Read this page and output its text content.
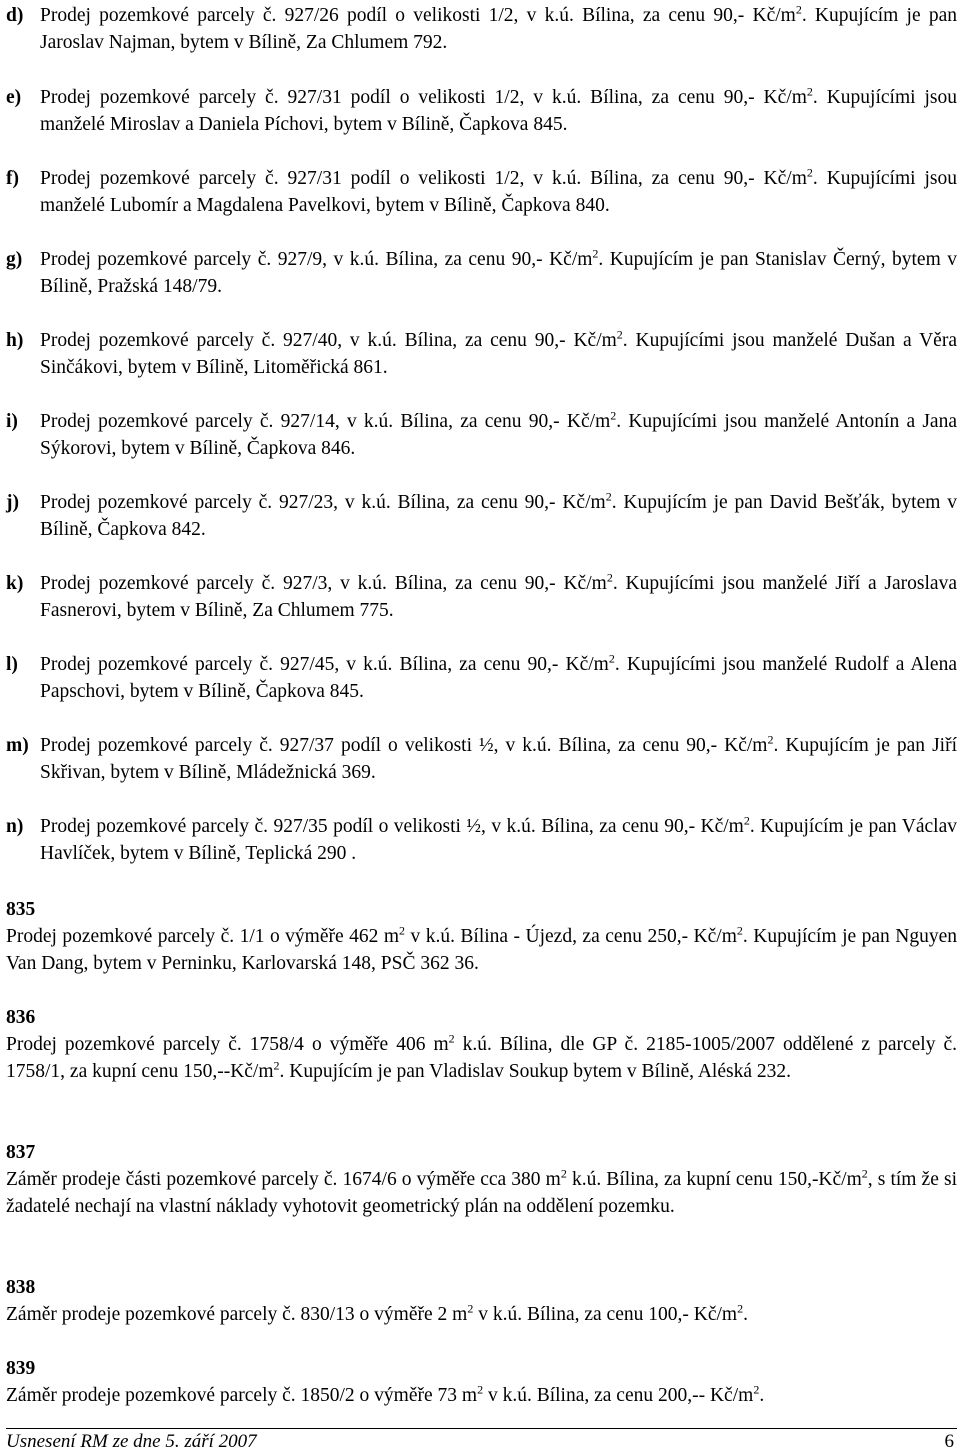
d) Prodej pozemkové parcely č. 927/26 podíl o velikosti 1/2, v k.ú. Bílina, za cenu 90,- $Kč/m^2$. Kupujícím je pan Jaroslav Najman, bytem v Bílině, Za Chlumem 792.
e) Prodej pozemkové parcely č. 927/31 podíl o velikosti 1/2, v k.ú. Bílina, za cenu 90,- $Kč/m^2$. Kupujícími jsou manželé Miroslav a Daniela Píchovi, bytem v Bílině, Čapkova 845.
f)	Prodej pozemkové parcely č. 927/31 podíl o velikosti 1/2, v k.ú. Bílina, za cenu 90,- $Kč/m^2$. Kupujícími jsou manželé Lubomír a Magdalena Pavelkovi, bytem v Bílině, Čapkova 840.
g) Prodej pozemkové parcely č. 927/9, v k.ú. Bílina, za cenu 90,- $Kč/m^2$. Kupujícím je pan Stanislav Černý, bytem v Bílině, Pražská 148/79.
h) Prodej pozemkové parcely č. 927/40, v k.ú. Bílina, za cenu 90,- $Kč/m^2$. Kupujícími jsou manželé Dušan a Věra Sinčákovi, bytem v Bílině, Litoměřická 861.
i)	Prodej pozemkové parcely č. 927/14, v k.ú. Bílina, za cenu 90,- $Kč/m^2$. Kupujícími jsou manželé Antonín a Jana Sýkorovi, bytem v Bílině, Čapkova 846.
j)	Prodej pozemkové parcely č. 927/23, v k.ú. Bílina, za cenu 90,- $Kč/m^2$. Kupujícím je pan David Bešťák, bytem v Bílině, Čapkova 842.
k) Prodej pozemkové parcely č. 927/3, v k.ú. Bílina, za cenu 90,- $Kč/m^2$. Kupujícími jsou manželé Jiří a Jaroslava Fasnerovi, bytem v Bílině, Za Chlumem 775.
l)	Prodej pozemkové parcely č. 927/45, v k.ú. Bílina, za cenu 90,- $Kč/m^2$. Kupujícími jsou manželé Rudolf a Alena Papschovi, bytem v Bílině, Čapkova 845.
m) Prodej pozemkové parcely č. 927/37 podíl o velikosti ½, v k.ú. Bílina, za cenu 90,- $Kč/m^2$. Kupujícím je pan Jiří Skřivan, bytem v Bílině, Mládežnická 369.
n) Prodej pozemkové parcely č. 927/35 podíl o velikosti ½, v k.ú. Bílina, za cenu 90,- $Kč/m^2$. Kupujícím je pan Václav Havlíček, bytem v Bílině, Teplická 290 .
835
Prodej pozemkové parcely č. 1/1 o výměře 462 $m^2$ v k.ú. Bílina - Újezd, za cenu 250,- $Kč/m^2$. Kupujícím je pan Nguyen Van Dang, bytem v Perninku, Karlovarská 148, PSČ 362 36.
836
Prodej pozemkové parcely č. 1758/4 o výměře 406 $m^2$ k.ú. Bílina, dle GP č. 2185-1005/2007 oddělené z parcely č. 1758/1, za kupní cenu $150,--Kč/m^2$. Kupujícím je pan Vladislav Soukup bytem v Bílině, Aléská 232.
837
Záměr prodeje části pozemkové parcely č. 1674/6 o výměře cca 380 $m^2$ k.ú. Bílina, za kupní cenu $150,-Kč/m^2$, s tím že si žadatelé nechají na vlastní náklady vyhotovit geometrický plán na oddělení pozemku.
838
Záměr prodeje pozemkové parcely č. 830/13 o výměře 2 $m^2$ v k.ú. Bílina, za cenu 100,- $Kč/m^2$.
839
Záměr prodeje pozemkové parcely č. 1850/2 o výměře 73 $m^2$ v k.ú. Bílina, za cenu 200,-- $Kč/m^2$.
Usnesení RM ze dne 5. září 2007	6
